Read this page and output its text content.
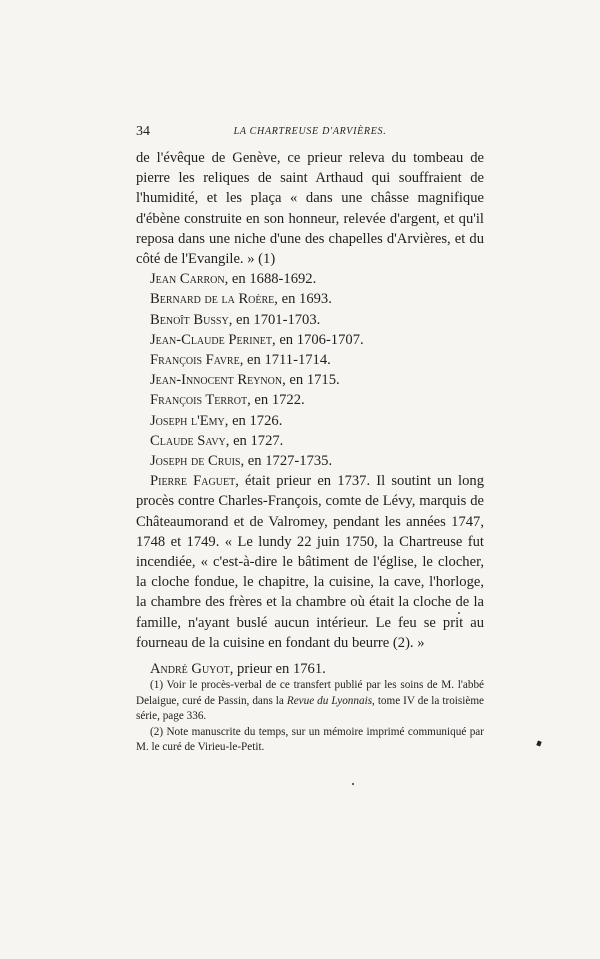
34	LA CHARTREUSE D'ARVIÈRES.

de l'évêque de Genève, ce prieur releva du tombeau de pierre les reliques de saint Arthaud qui souffraient de l'humidité, et les plaça « dans une châsse magnifique d'ébène construite en son honneur, relevée d'argent, et qu'il reposa dans une niche d'une des chapelles d'Arvières, et du côté de l'Evangile. » (1)

Jean Carron, en 1688-1692.
Bernard de la Roère, en 1693.
Benoît Bussy, en 1701-1703.
Jean-Claude Perinet, en 1706-1707.
François Favre, en 1711-1714.
Jean-Innocent Reynon, en 1715.
François Terrot, en 1722.
Joseph l'Emy, en 1726.
Claude Savy, en 1727.
Joseph de Cruis, en 1727-1735.

Pierre Faguet, était prieur en 1737. Il soutint un long procès contre Charles-François, comte de Lévy, marquis de Châteaumorand et de Valromey, pendant les années 1747, 1748 et 1749. « Le lundy 22 juin 1750, la Chartreuse fut incendiée, « c'est-à-dire le bâtiment de l'église, le clocher, la cloche fondue, le chapitre, la cuisine, la cave, l'horloge, la chambre des frères et la chambre où était la cloche de la famille, n'ayant buslé aucun intérieur. Le feu se prit au fourneau de la cuisine en fondant du beurre (2). »

André Guyot, prieur en 1761.

(1) Voir le procès-verbal de ce transfert publié par les soins de M. l'abbé Delaigue, curé de Passin, dans la Revue du Lyonnais, tome IV de la troisième série, page 336.

(2) Note manuscrite du temps, sur un mémoire imprimé communiqué par M. le curé de Virieu-le-Petit.
